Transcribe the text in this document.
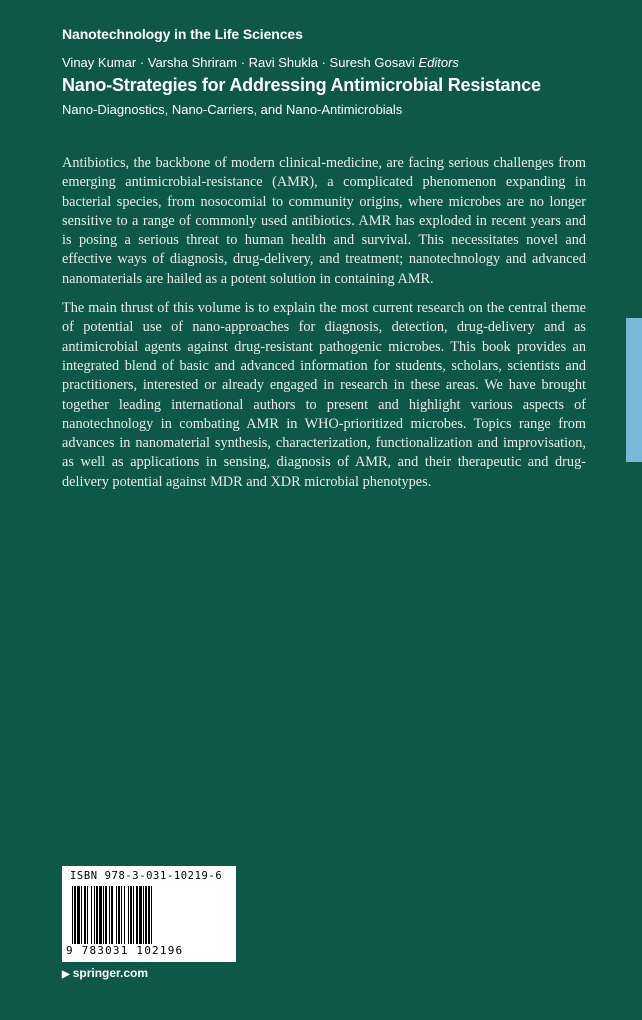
Nanotechnology in the Life Sciences
Vinay Kumar · Varsha Shriram · Ravi Shukla · Suresh Gosavi Editors
Nano-Strategies for Addressing Antimicrobial Resistance
Nano-Diagnostics, Nano-Carriers, and Nano-Antimicrobials

Antibiotics, the backbone of modern clinical-medicine, are facing serious challenges from emerging antimicrobial-resistance (AMR), a complicated phenomenon expanding in bacterial species, from nosocomial to community origins, where microbes are no longer sensitive to a range of commonly used antibiotics. AMR has exploded in recent years and is posing a serious threat to human health and survival. This necessitates novel and effective ways of diagnosis, drug-delivery, and treatment; nanotechnology and advanced nanomaterials are hailed as a potent solution in containing AMR.

The main thrust of this volume is to explain the most current research on the central theme of potential use of nano-approaches for diagnosis, detection, drug-delivery and as antimicrobial agents against drug-resistant pathogenic microbes. This book provides an integrated blend of basic and advanced information for students, scholars, scientists and practitioners, interested or already engaged in research in these areas. We have brought together leading international authors to present and highlight various aspects of nanotechnology in combating AMR in WHO-prioritized microbes. Topics range from advances in nanomaterial synthesis, characterization, functionalization and improvisation, as well as applications in sensing, diagnosis of AMR, and their therapeutic and drug-delivery potential against MDR and XDR microbial phenotypes.

ISBN 978-3-031-10219-6
9 783031 102196
▶ springer.com
